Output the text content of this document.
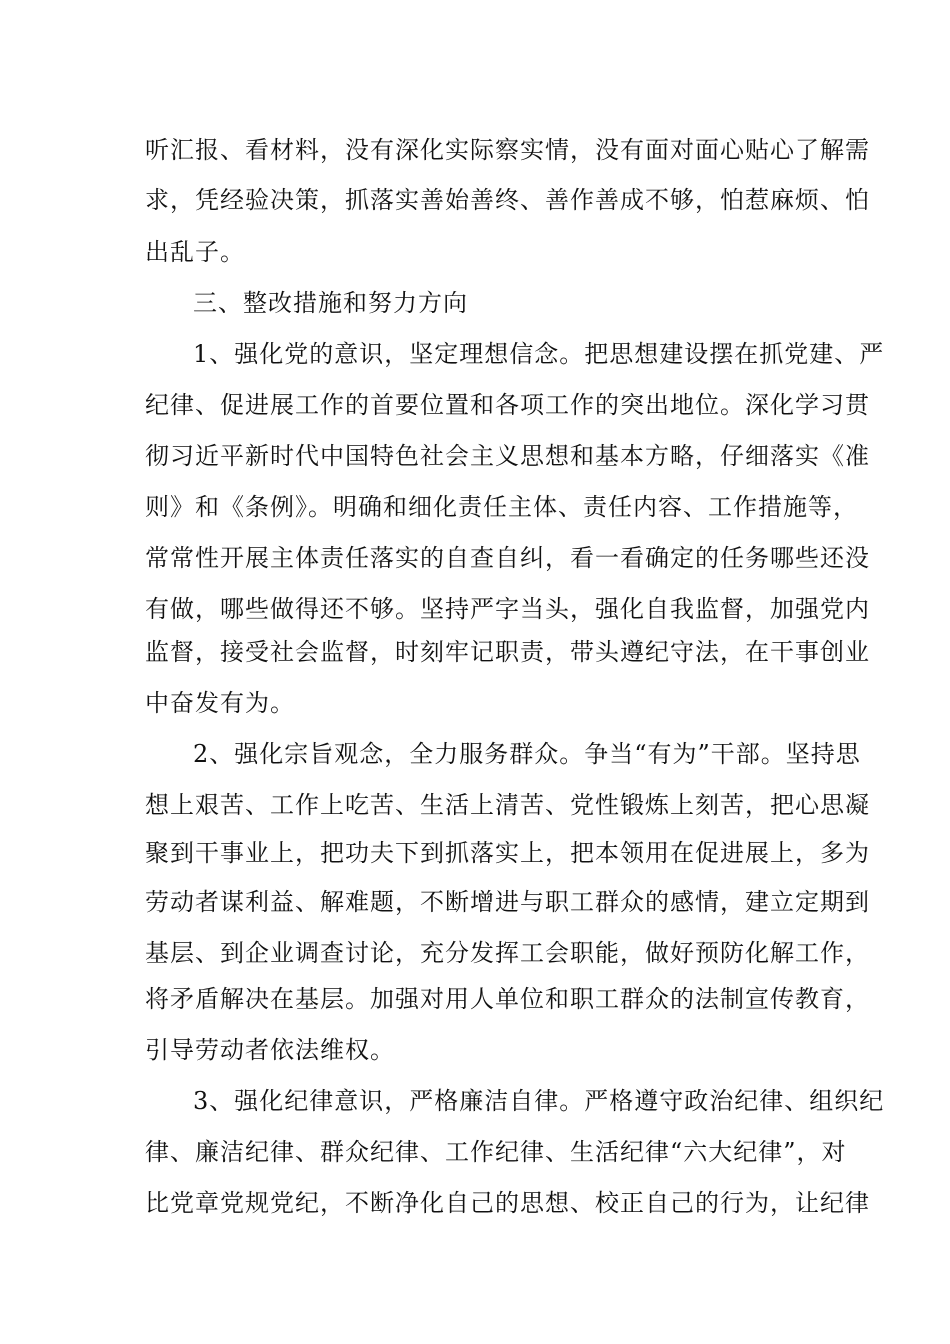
听汇报、看材料，没有深化实际察实情，没有面对面心贴心了解需
求，凭经验决策，抓落实善始善终、善作善成不够，怕惹麻烦、怕
出乱子。
三、整改措施和努力方向
1、强化党的意识，坚定理想信念。把思想建设摆在抓党建、严
纪律、促进展工作的首要位置和各项工作的突出地位。深化学习贯
彻习近平新时代中国特色社会主义思想和基本方略，仔细落实《准
则》和《条例》。明确和细化责任主体、责任内容、工作措施等，
常常性开展主体责任落实的自查自纠，看一看确定的任务哪些还没
有做，哪些做得还不够。坚持严字当头，强化自我监督，加强党内
监督，接受社会监督，时刻牢记职责，带头遵纪守法，在干事创业
中奋发有为。
2、强化宗旨观念，全力服务群众。争当“有为”干部。坚持思
想上艰苦、工作上吃苦、生活上清苦、党性锻炼上刻苦，把心思凝
聚到干事业上，把功夫下到抓落实上，把本领用在促进展上，多为
劳动者谋利益、解难题，不断增进与职工群众的感情，建立定期到
基层、到企业调查讨论，充分发挥工会职能，做好预防化解工作，
将矛盾解决在基层。加强对用人单位和职工群众的法制宣传教育，
引导劳动者依法维权。
3、强化纪律意识，严格廉洁自律。严格遵守政治纪律、组织纪
律、廉洁纪律、群众纪律、工作纪律、生活纪律“六大纪律”，对
比党章党规党纪，不断净化自己的思想、校正自己的行为，让纪律
